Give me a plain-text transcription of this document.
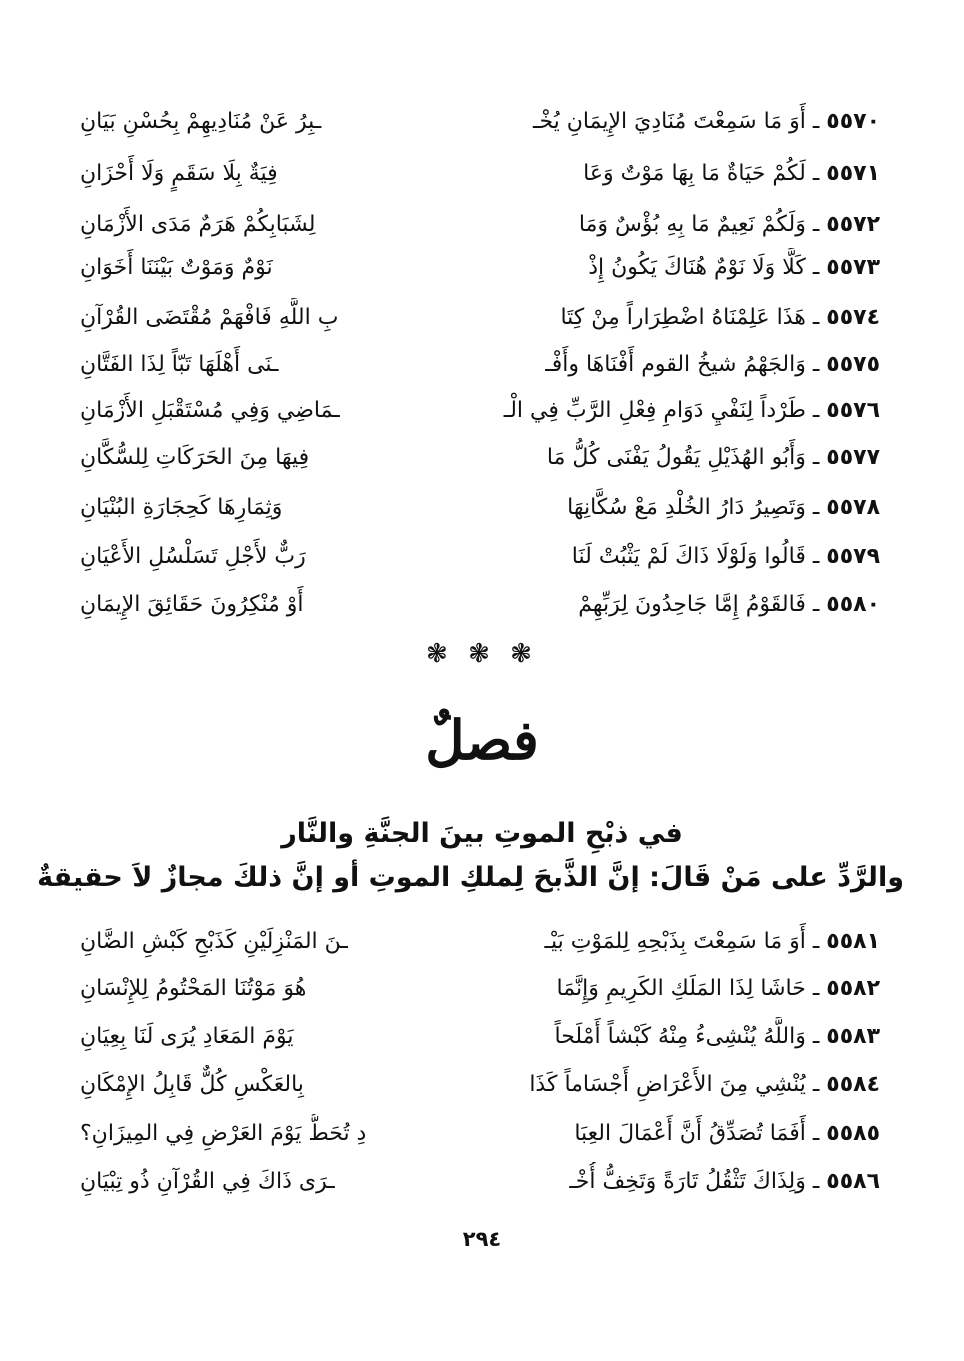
٥٥٧٠ ـ أَوَ مَا سَمِعْتَ مُنَادِيَ الإِيمَانِ يُخْـ
ـبِرُ عَنْ مُنَادِيهِمْ بِحُسْنِ بَيَانِ
٥٥٧١ ـ لَكُمْ حَيَاةٌ مَا بِهَا مَوْتٌ وَعَا
فِيَةٌ بِلَا سَقَمٍ وَلَا أَحْزَانِ
٥٥٧٢ ـ وَلَكُمْ نَعِيمٌ مَا بِهِ بُؤْسٌ وَمَا
لِشَبَابِكُمْ هَرَمٌ مَدَى الأَزْمَانِ
٥٥٧٣ ـ كَلَّا وَلَا نَوْمٌ هُنَاكَ يَكُونُ إِذْ
نَوْمٌ وَمَوْتٌ بَيْنَنَا أَخَوَانِ
٥٥٧٤ ـ هَذَا عَلِمْنَاهُ اضْطِرَاراً مِنْ كِتَا
بِ اللَّهِ فَافْهَمْ مُقْتَضَى القُرْآنِ
٥٥٧٥ ـ وَالجَهْمُ شيخُ القوم أَفْنَاهَا وأَفْـ
ـنَى أَهْلَهَا تَبّاً لِذَا الفَتَّانِ
٥٥٧٦ ـ طَرْداً لِنَفْيِ دَوَامِ فِعْلِ الرَّبِّ فِي الْـ
ـمَاضِي وَفِي مُسْتَقْبَلِ الأَزْمَانِ
٥٥٧٧ ـ وَأَبُو الهُذَيْلِ يَقُولُ يَفْنَى كُلُّ مَا
فِيهَا مِنَ الحَرَكَاتِ لِلسُّكَّانِ
٥٥٧٨ ـ وَتَصِيرُ دَارُ الخُلْدِ مَعْ سُكَّانِهَا
وَثِمَارِهَا كَحِجَارَةِ البُنْيَانِ
٥٥٧٩ ـ قَالُوا وَلَوْلَا ذَاكَ لَمْ يَثْبُتْ لَنَا
رَبٌّ لأَجْلِ تَسَلْسُلِ الأَعْيَانِ
٥٥٨٠ ـ فَالقَوْمُ إِمَّا جَاحِدُونَ لِرَبِّهِمْ
أَوْ مُنْكِرُونَ حَقَائِقَ الإِيمَانِ
❃ ❃ ❃
فصلٌ
في ذبْحِ الموتِ بينَ الجنَّةِ والنَّار
والرَّدِّ على مَنْ قَالَ: إنَّ الذَّبحَ لِملكِ الموتِ أو إنَّ ذلكَ مجازٌ لاَ حقيقةٌ
٥٥٨١ ـ أَوَ مَا سَمِعْتَ بِذَبْحِهِ لِلمَوْتِ بَيْـ
ـنَ المَنْزِلَيْنِ كَذَبْحِ كَبْشِ الضَّانِ
٥٥٨٢ ـ حَاشَا لِذَا المَلَكِ الكَرِيمِ وَإِنَّمَا
هُوَ مَوْتُنَا المَحْتُومُ لِلإِنْسَانِ
٥٥٨٣ ـ وَاللَّهُ يُنْشِىءُ مِنْهُ كَبْشاً أَمْلَحاً
يَوْمَ المَعَادِ يُرَى لَنَا بِعِيَانِ
٥٥٨٤ ـ يُنْشِي مِنَ الأَعْرَاضِ أَجْسَاماً كَذَا
بِالعَكْسِ كُلٌّ قَابِلُ الإِمْكَانِ
٥٥٨٥ ـ أَفَمَا تُصَدِّقُ أَنَّ أَعْمَالَ العِبَا
دِ تُحَطُّ يَوْمَ العَرْضِ فِي المِيزَانِ؟
٥٥٨٦ ـ وَلِذَاكَ تَثْقُلُ تَارَةً وَتَخِفُّ أُخْـ
ـرَى ذَاكَ فِي القُرْآنِ ذُو تِبْيَانِ
٢٩٤
